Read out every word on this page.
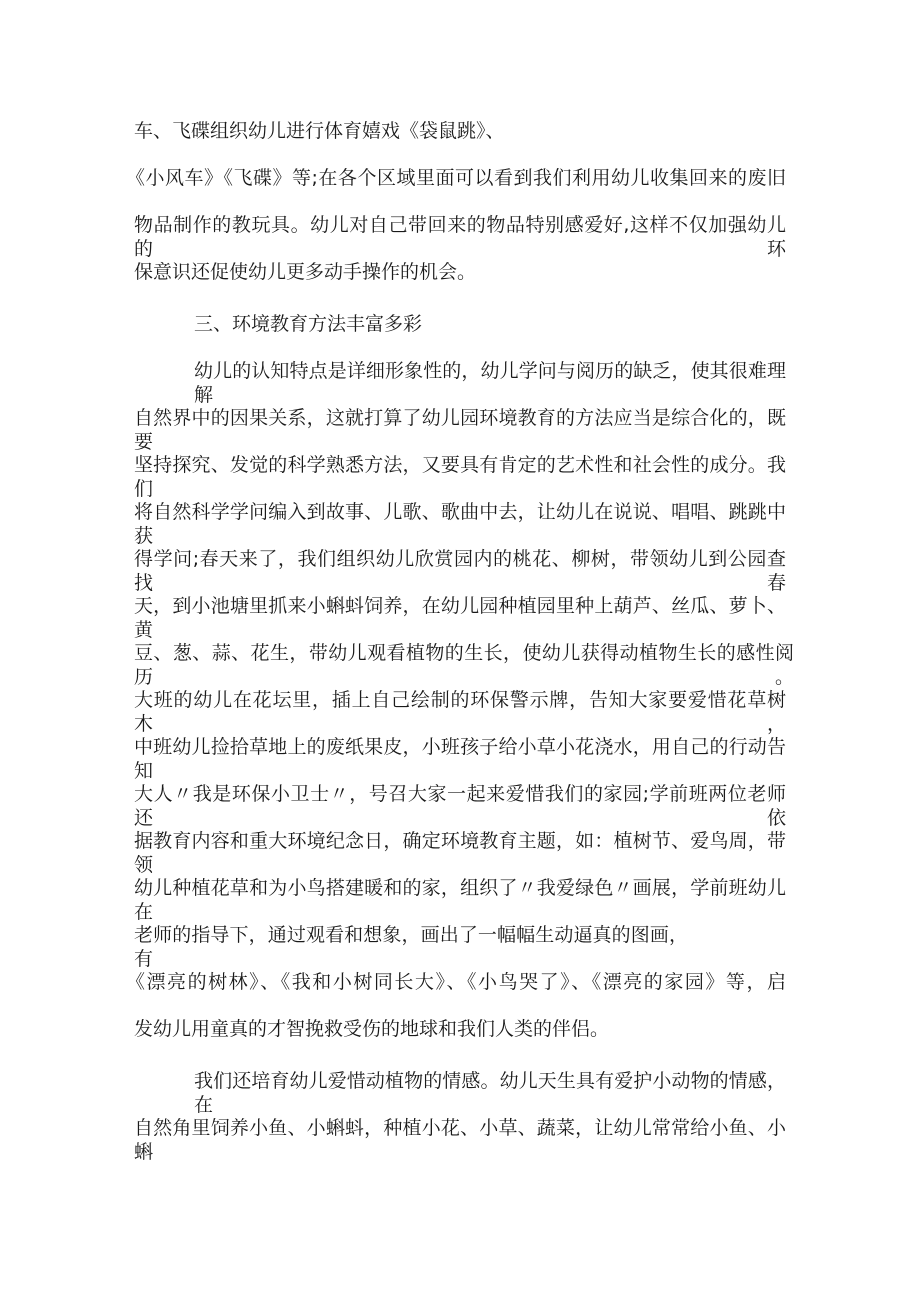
车、飞碟组织幼儿进行体育嬉戏《袋鼠跳》、
《小风车》《飞碟》等;在各个区域里面可以看到我们利用幼儿收集回来的废旧
物品制作的教玩具。幼儿对自己带回来的物品特别感爱好,这样不仅加强幼儿的环
保意识还促使幼儿更多动手操作的机会。
三、环境教育方法丰富多彩
幼儿的认知特点是详细形象性的，幼儿学问与阅历的缺乏，使其很难理解
自然界中的因果关系，这就打算了幼儿园环境教育的方法应当是综合化的，既要
坚持探究、发觉的科学熟悉方法，又要具有肯定的艺术性和社会性的成分。我们
将自然科学学问编入到故事、儿歌、歌曲中去，让幼儿在说说、唱唱、跳跳中获
得学问;春天来了，我们组织幼儿欣赏园内的桃花、柳树，带领幼儿到公园查找春
天，到小池塘里抓来小蝌蚪饲养，在幼儿园种植园里种上葫芦、丝瓜、萝卜、黄
豆、葱、蒜、花生，带幼儿观看植物的生长，使幼儿获得动植物生长的感性阅历。
大班的幼儿在花坛里，插上自己绘制的环保警示牌，告知大家要爱惜花草树木，
中班幼儿捡拾草地上的废纸果皮，小班孩子给小草小花浇水，用自己的行动告知
大人〃我是环保小卫士〃，号召大家一起来爱惜我们的家园;学前班两位老师还依
据教育内容和重大环境纪念日，确定环境教育主题，如：植树节、爱鸟周，带领
幼儿种植花草和为小鸟搭建暖和的家，组织了〃我爱绿色〃画展，学前班幼儿在
老师的指导下，通过观看和想象，画出了一幅幅生动逼真的图画，有
《漂亮的树林》、《我和小树同长大》、《小鸟哭了》、《漂亮的家园》等，启
发幼儿用童真的才智挽救受伤的地球和我们人类的伴侣。
我们还培育幼儿爱惜动植物的情感。幼儿天生具有爱护小动物的情感，在
自然角里饲养小鱼、小蝌蚪，种植小花、小草、蔬菜，让幼儿常常给小鱼、小蝌
